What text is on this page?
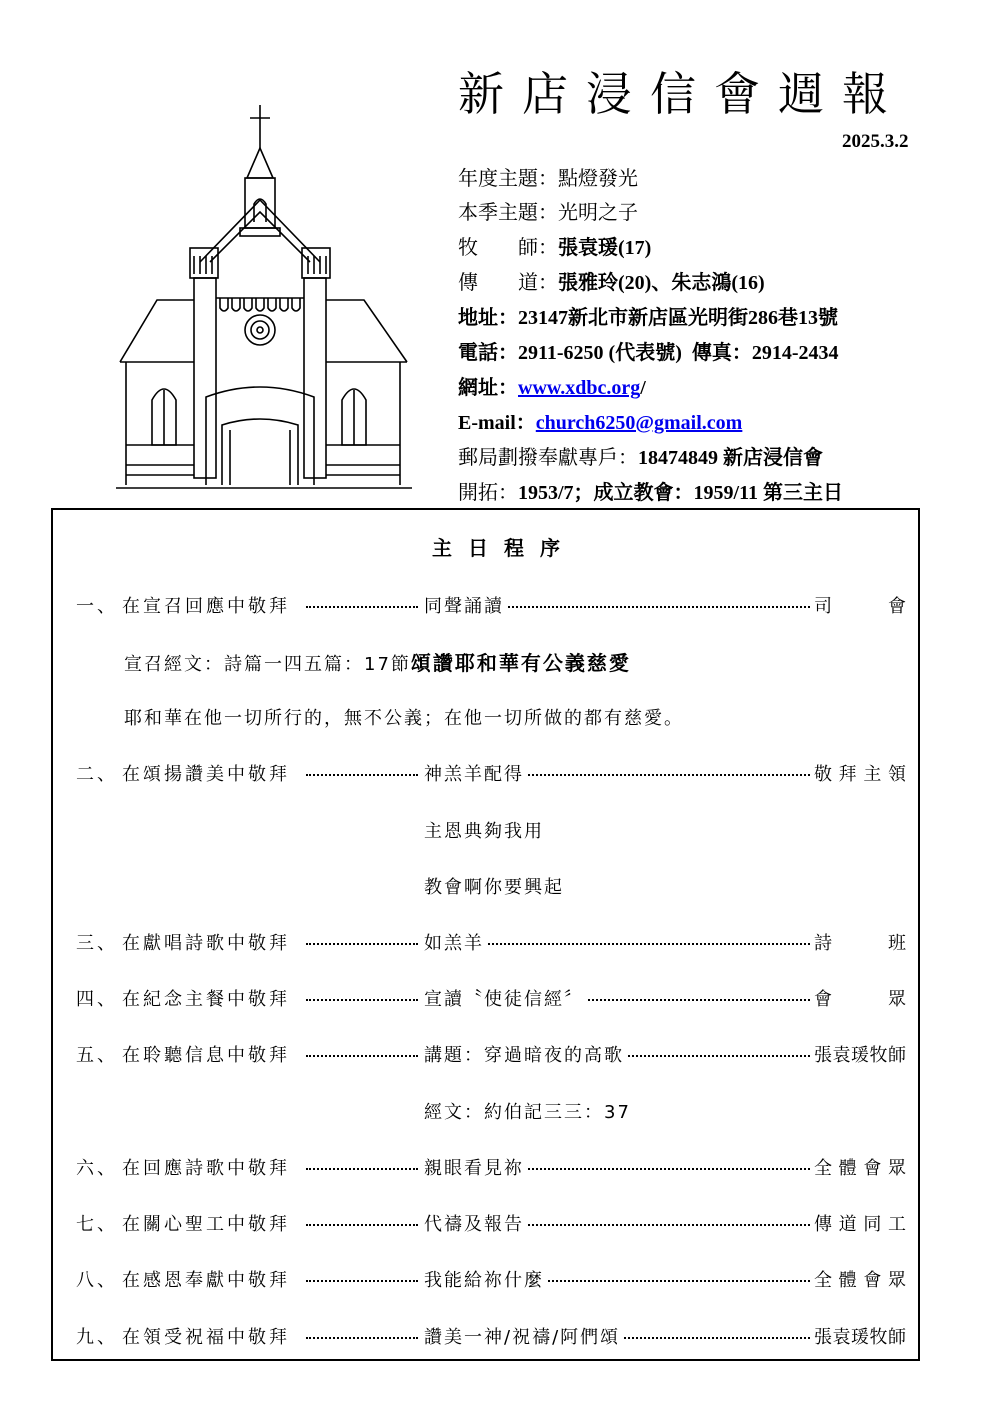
新店浸信會週報
2025.3.2
年度主題：點燈發光
本季主題：光明之子
牧　　師：張袁瑗(17)
傳　　道：張雅玲(20)、朱志鴻(16)
地址：23147新北市新店區光明街286巷13號
電話：2911-6250 (代表號) 傳真：2914-2434
網址：www.xdbc.org/
E-mail：church6250@gmail.com
郵局劃撥奉獻專戶：18474849 新店浸信會
開拓：1953/7；成立教會：1959/11 第三主日
主日程序
一、 在宣召回應中敬拜	同聲誦讀	司會
二、 在頌揚讚美中敬拜	神羔羊配得	敬拜主領
三、 在獻唱詩歌中敬拜	如羔羊	詩班
四、 在紀念主餐中敬拜	宣讀〝使徒信經〞	會眾
五、 在聆聽信息中敬拜	講題：穿過暗夜的高歌	張袁瑗牧師
六、 在回應詩歌中敬拜	親眼看見祢	全體會眾
七、 在關心聖工中敬拜	代禱及報告	傳道同工
八、 在感恩奉獻中敬拜	我能給祢什麼	全體會眾
九、 在領受祝福中敬拜	讚美一神/祝禱/阿們頌	張袁瑗牧師
宣召經文：詩篇一四五篇：17節頌讚耶和華有公義慈愛
耶和華在他一切所行的，無不公義；在他一切所做的都有慈愛。
主恩典夠我用
教會啊你要興起
經文：約伯記三三：37
